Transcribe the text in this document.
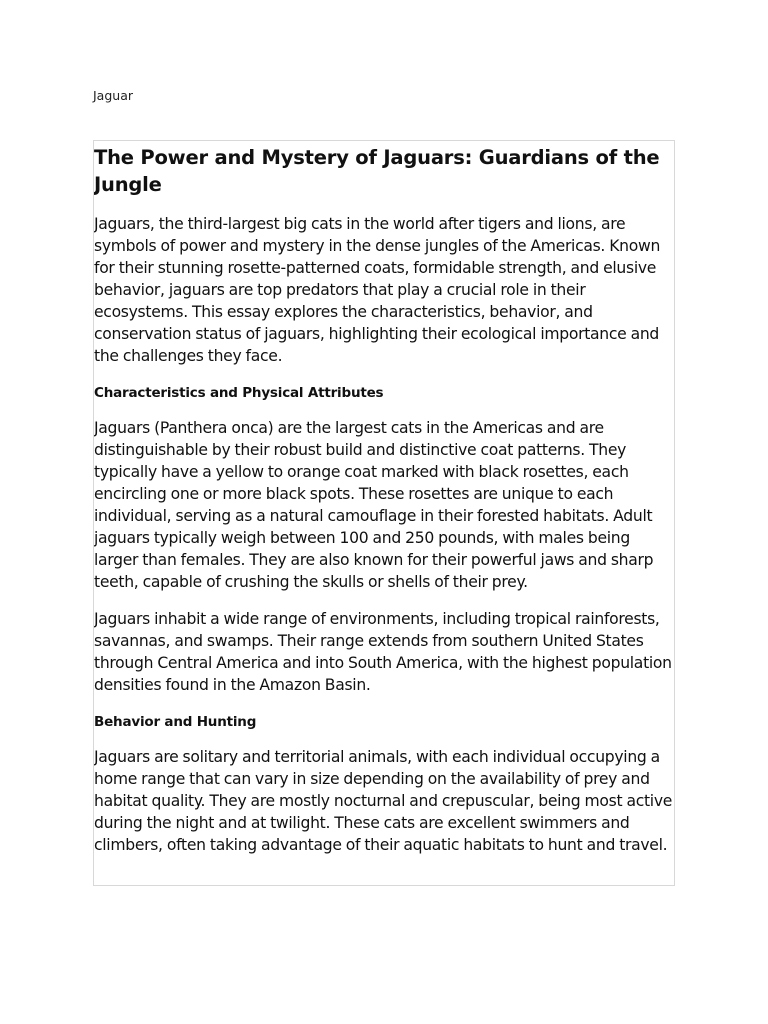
Jaguar
The Power and Mystery of Jaguars: Guardians of the Jungle

Jaguars, the third-largest big cats in the world after tigers and lions, are symbols of power and mystery in the dense jungles of the Americas. Known for their stunning rosette-patterned coats, formidable strength, and elusive behavior, jaguars are top predators that play a crucial role in their ecosystems. This essay explores the characteristics, behavior, and conservation status of jaguars, highlighting their ecological importance and the challenges they face.

Characteristics and Physical Attributes

Jaguars (Panthera onca) are the largest cats in the Americas and are distinguishable by their robust build and distinctive coat patterns. They typically have a yellow to orange coat marked with black rosettes, each encircling one or more black spots. These rosettes are unique to each individual, serving as a natural camouflage in their forested habitats. Adult jaguars typically weigh between 100 and 250 pounds, with males being larger than females. They are also known for their powerful jaws and sharp teeth, capable of crushing the skulls or shells of their prey.

Jaguars inhabit a wide range of environments, including tropical rainforests, savannas, and swamps. Their range extends from southern United States through Central America and into South America, with the highest population densities found in the Amazon Basin.

Behavior and Hunting

Jaguars are solitary and territorial animals, with each individual occupying a home range that can vary in size depending on the availability of prey and habitat quality. They are mostly nocturnal and crepuscular, being most active during the night and at twilight. These cats are excellent swimmers and climbers, often taking advantage of their aquatic habitats to hunt and travel.
